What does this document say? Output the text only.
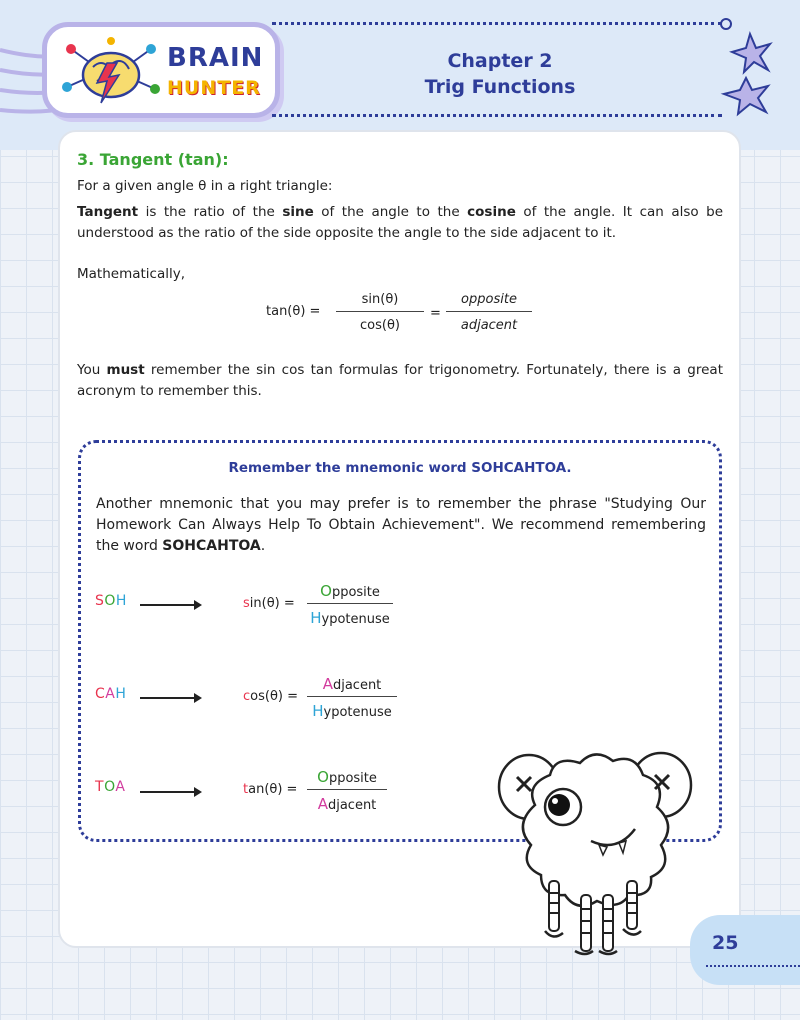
BRAIN
HUNTER
Chapter 2
Trig Functions
3. Tangent (tan):
For a given angle θ in a right triangle:
Tangent is the ratio of the sine of the angle to the cosine of the angle. It can also be understood as the ratio of the side opposite the angle to the side adjacent to it.
Mathematically,
tan(θ) =
sin(θ)
cos(θ)
=
opposite
adjacent
You must remember the sin cos tan formulas for trigonometry. Fortunately, there is a great acronym to remember this.
Remember the mnemonic word SOHCAHTOA.
Another mnemonic that you may prefer is to remember the phrase "Studying Our Homework Can Always Help To Obtain Achievement". We recommend remembering the word SOHCAHTOA.
SOH	sin(θ) =
Opposite
Hypotenuse
CAH	cos(θ) =
Adjacent
Hypotenuse
TOA	tan(θ) =
Opposite
Adjacent
25
